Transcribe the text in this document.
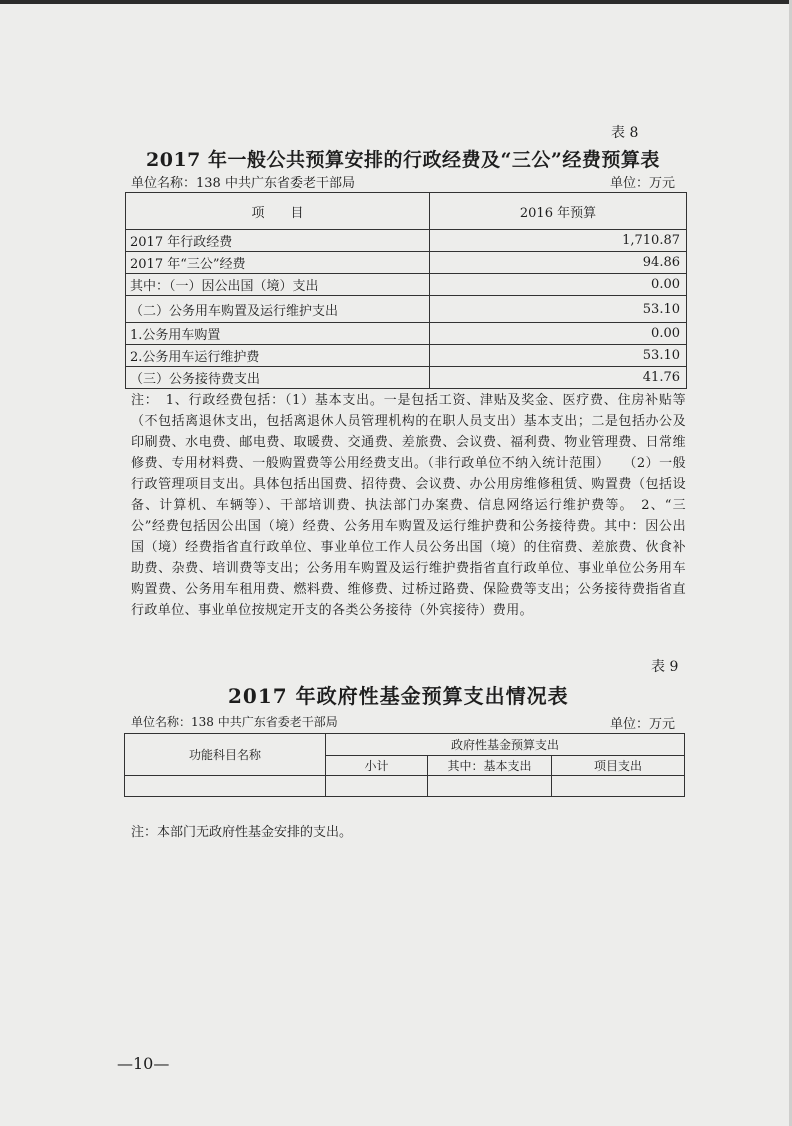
表 8
2017 年一般公共预算安排的行政经费及“三公”经费预算表
单位名称：138 中共广东省委老干部局	单位：万元
项　　目	2016 年预算
2017 年行政经费	1,710.87
2017 年“三公”经费	94.86
其中：（一）因公出国（境）支出	0.00
（二）公务用车购置及运行维护支出	53.10
1.公务用车购置	0.00
2.公务用车运行维护费	53.10
（三）公务接待费支出	41.76
注：　1、行政经费包括：（1）基本支出。一是包括工资、津贴及奖金、医疗费、住房补贴等（不包括离退休支出，包括离退休人员管理机构的在职人员支出）基本支出；二是包括办公及印刷费、水电费、邮电费、取暖费、交通费、差旅费、会议费、福利费、物业管理费、日常维修费、专用材料费、一般购置费等公用经费支出。（非行政单位不纳入统计范围）　　（2）一般行政管理项目支出。具体包括出国费、招待费、会议费、办公用房维修租赁、购置费（包括设备、计算机、车辆等）、干部培训费、执法部门办案费、信息网络运行维护费等。　2、“三公”经费包括因公出国（境）经费、公务用车购置及运行维护费和公务接待费。其中：因公出国（境）经费指省直行政单位、事业单位工作人员公务出国（境）的住宿费、差旅费、伙食补助费、杂费、培训费等支出；公务用车购置及运行维护费指省直行政单位、事业单位公务用车购置费、公务用车租用费、燃料费、维修费、过桥过路费、保险费等支出；公务接待费指省直行政单位、事业单位按规定开支的各类公务接待（外宾接待）费用。
表 9
2017 年政府性基金预算支出情况表
单位名称：138 中共广东省委老干部局	单位：万元
功能科目名称	政府性基金预算支出		
	小计	其中：基本支出	项目支出

注：本部门无政府性基金安排的支出。
—10—
